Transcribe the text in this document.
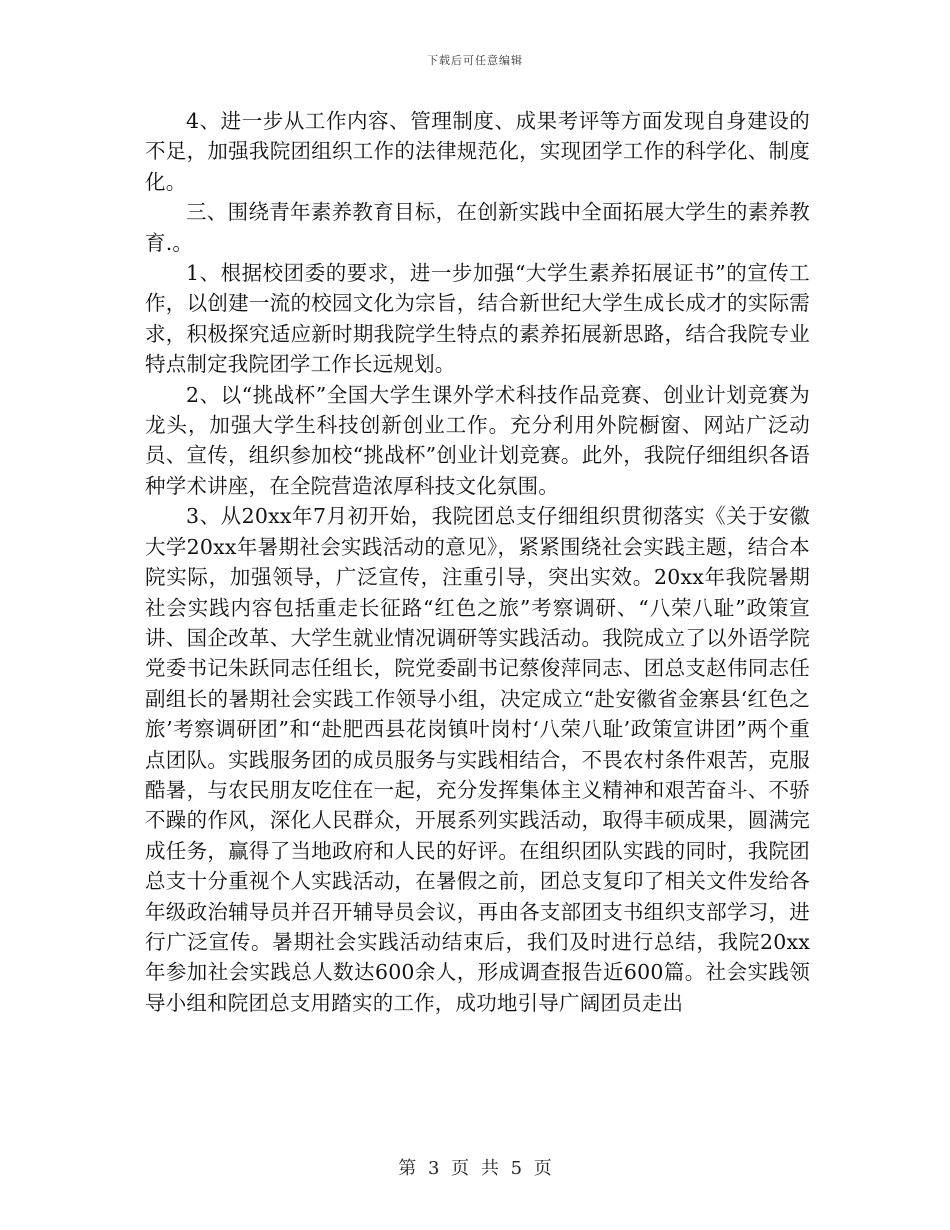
下载后可任意编辑

4、进一步从工作内容、管理制度、成果考评等方面发现自身建设的不足，加强我院团组织工作的法律规范化，实现团学工作的科学化、制度化。

三、围绕青年素养教育目标，在创新实践中全面拓展大学生的素养教育.。

1、根据校团委的要求，进一步加强“大学生素养拓展证书”的宣传工作，以创建一流的校园文化为宗旨，结合新世纪大学生成长成才的实际需求，积极探究适应新时期我院学生特点的素养拓展新思路，结合我院专业特点制定我院团学工作长远规划。

2、以“挑战杯”全国大学生课外学术科技作品竞赛、创业计划竞赛为龙头，加强大学生科技创新创业工作。充分利用外院橱窗、网站广泛动员、宣传，组织参加校“挑战杯”创业计划竞赛。此外，我院仔细组织各语种学术讲座，在全院营造浓厚科技文化氛围。

3、从20xx年7月初开始，我院团总支仔细组织贯彻落实《关于安徽大学20xx年暑期社会实践活动的意见》，紧紧围绕社会实践主题，结合本院实际，加强领导，广泛宣传，注重引导，突出实效。20xx年我院暑期社会实践内容包括重走长征路“红色之旅”考察调研、“八荣八耻”政策宣讲、国企改革、大学生就业情况调研等实践活动。我院成立了以外语学院党委书记朱跃同志任组长，院党委副书记蔡俊萍同志、团总支赵伟同志任副组长的暑期社会实践工作领导小组，决定成立“赴安徽省金寨县‘红色之旅’考察调研团”和“赴肥西县花岗镇叶岗村‘八荣八耻’政策宣讲团”两个重点团队。实践服务团的成员服务与实践相结合，不畏农村条件艰苦，克服酷暑，与农民朋友吃住在一起，充分发挥集体主义精神和艰苦奋斗、不骄不躁的作风，深化人民群众，开展系列实践活动，取得丰硕成果，圆满完成任务，赢得了当地政府和人民的好评。在组织团队实践的同时，我院团总支十分重视个人实践活动，在暑假之前，团总支复印了相关文件发给各年级政治辅导员并召开辅导员会议，再由各支部团支书组织支部学习，进行广泛宣传。暑期社会实践活动结束后，我们及时进行总结，我院20xx年参加社会实践总人数达600余人，形成调查报告近600篇。社会实践领导小组和院团总支用踏实的工作，成功地引导广阔团员走出

第 3 页 共 5 页
